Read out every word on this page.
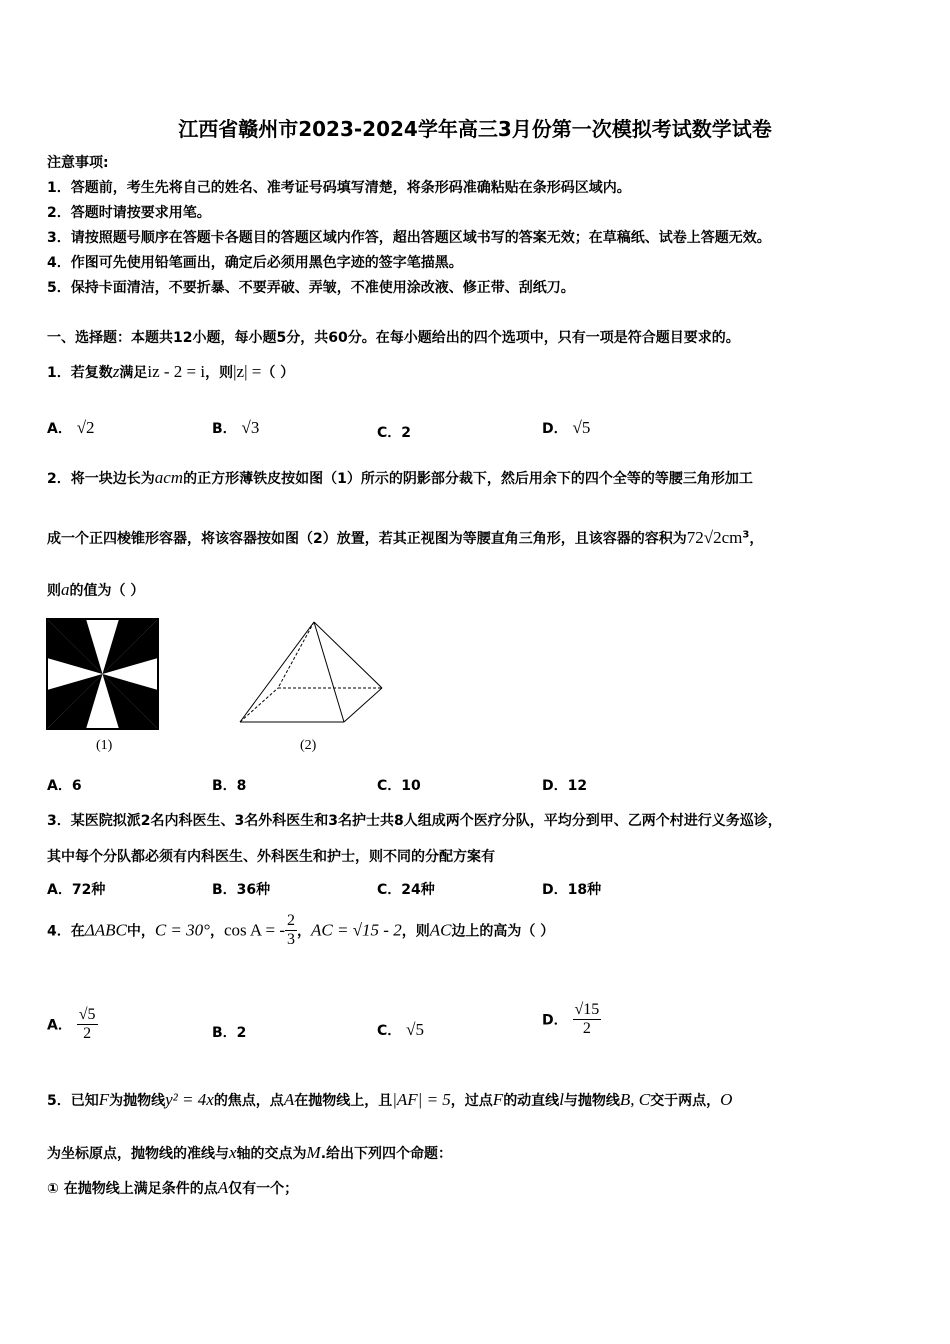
江西省赣州市2023-2024学年高三3月份第一次模拟考试数学试卷
注意事项:
1．答题前，考生先将自己的姓名、准考证号码填写清楚，将条形码准确粘贴在条形码区域内。
2．答题时请按要求用笔。
3．请按照题号顺序在答题卡各题目的答题区域内作答，超出答题区域书写的答案无效；在草稿纸、试卷上答题无效。
4．作图可先使用铅笔画出，确定后必须用黑色字迹的签字笔描黑。
5．保持卡面清洁，不要折暴、不要弄破、弄皱，不准使用涂改液、修正带、刮纸刀。
一、选择题：本题共12小题，每小题5分，共60分。在每小题给出的四个选项中，只有一项是符合题目要求的。
1．若复数z满足iz - 2 = i，则|z| =（ ）
A． √2	B． √3	C．2	D． √5
2．将一块边长为acm的正方形薄铁皮按如图（1）所示的阴影部分裁下，然后用余下的四个全等的等腰三角形加工
成一个正四棱锥形容器，将该容器按如图（2）放置，若其正视图为等腰直角三角形，且该容器的容积为$72√2cm^3$，
则a的值为（ ）
(1)	(2)
A．6	B．8	C．10	D．12
3．某医院拟派2名内科医生、3名外科医生和3名护士共8人组成两个医疗分队，平均分到甲、乙两个村进行义务巡诊，
其中每个分队都必须有内科医生、外科医生和护士，则不同的分配方案有
A．72种	B．36种	C．24种	D．18种
4．在ΔABC中，C = 30°，cos A = - $\frac{2}{3}$ ，AC = √15 - 2，则AC边上的高为（ ）
A． $\frac{√5}{2}$	B．2	C． √5	D． $\frac{√15}{2}$
5．已知F为抛物线y² = 4x的焦点，点A在抛物线上，且|AF| = 5，过点F的动直线l与抛物线B, C交于两点，O
为坐标原点，抛物线的准线与x轴的交点为M.给出下列四个命题：
① 在抛物线上满足条件的点A仅有一个；
